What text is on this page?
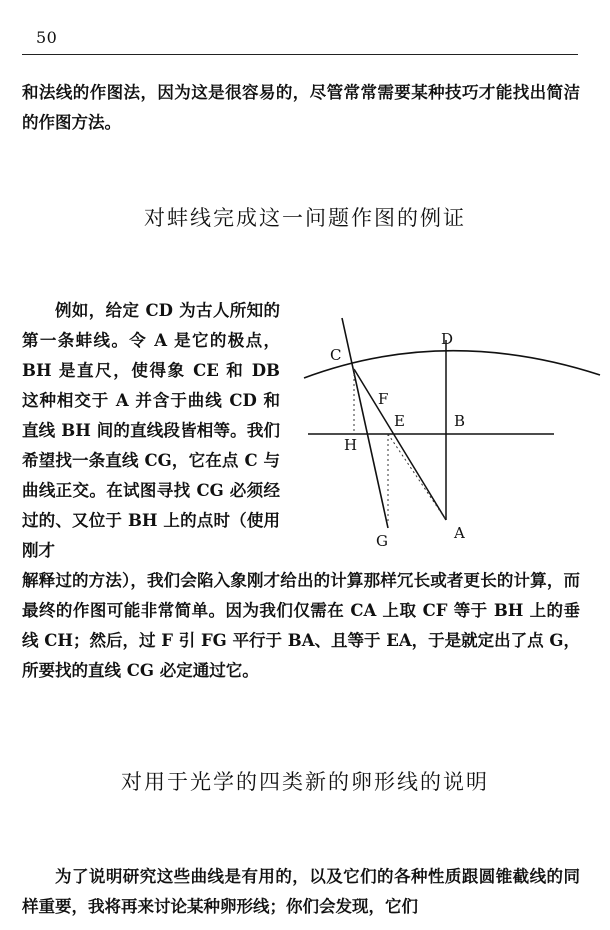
50

和法线的作图法，因为这是很容易的，尽管常常需要某种技巧才能找出简洁的作图方法。

对蚌线完成这一问题作图的例证

例如，给定 CD 为古人所知的第一条蚌线。令 A 是它的极点，BH 是直尺，使得象 CE 和 DB 这种相交于 A 并含于曲线 CD 和直线 BH 间的直线段皆相等。我们希望找一条直线 CG，它在点 C 与曲线正交。在试图寻找 CG 必须经过的、又位于 BH 上的点时（使用刚才

C
D
F
E	B
H
G	A

解释过的方法），我们会陷入象刚才给出的计算那样冗长或者更长的计算，而最终的作图可能非常简单。因为我们仅需在 CA 上取 CF 等于 BH 上的垂线 CH；然后，过 F 引 FG 平行于 BA、且等于 EA，于是就定出了点 G，所要找的直线 CG 必定通过它。

对用于光学的四类新的卵形线的说明

为了说明研究这些曲线是有用的，以及它们的各种性质跟圆锥截线的同样重要，我将再来讨论某种卵形线；你们会发现，它们
